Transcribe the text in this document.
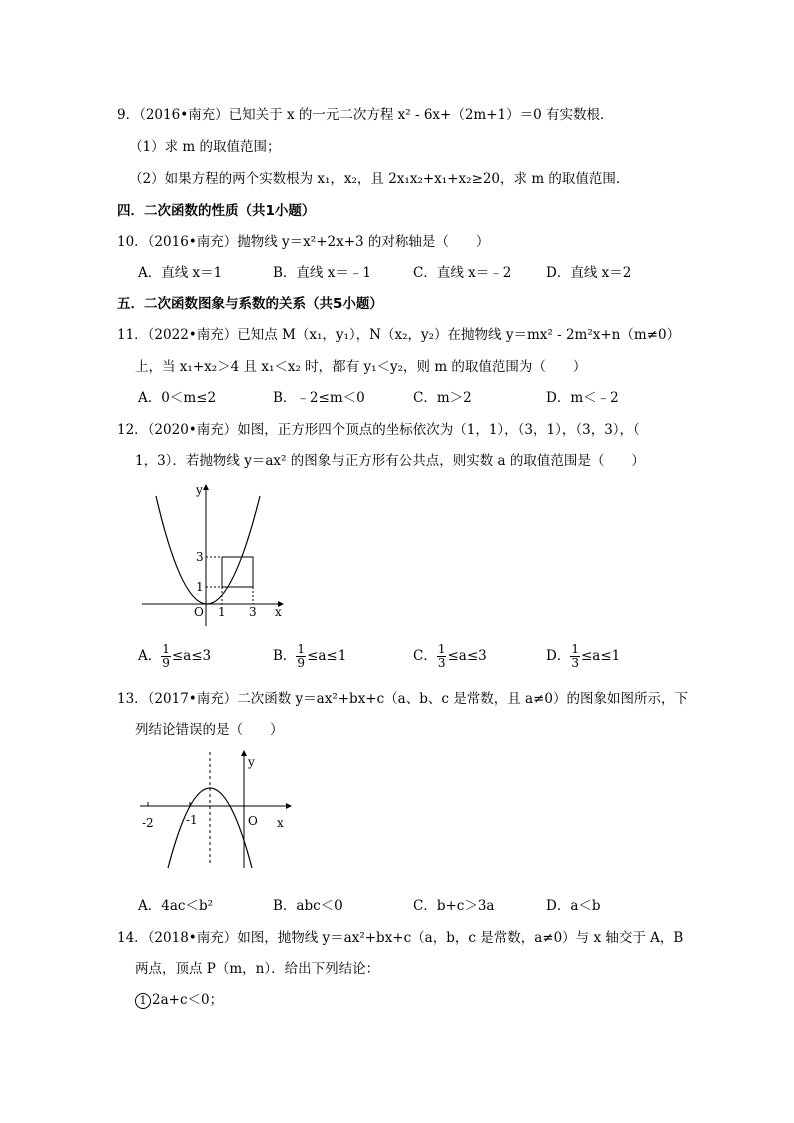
9．（2016•南充）已知关于 x 的一元二次方程 x² - 6x+（2m+1）＝0 有实数根．
（1）求 m 的取值范围；
（2）如果方程的两个实数根为 x₁，x₂，且 2x₁x₂+x₁+x₂≥20，求 m 的取值范围．
四．二次函数的性质（共1小题）
10．（2016•南充）抛物线 y＝x²+2x+3 的对称轴是（　　）
A．直线 x＝1	B．直线 x＝﹣1	C．直线 x＝﹣2	D．直线 x＝2
五．二次函数图象与系数的关系（共5小题）
11．（2022•南充）已知点 M（x₁，y₁），N（x₂，y₂）在抛物线 y＝mx² - 2m²x+n（m≠0）
上，当 x₁+x₂＞4 且 x₁＜x₂ 时，都有 y₁＜y₂，则 m 的取值范围为（　　）
A．0＜m≤2	B．﹣2≤m＜0	C．m＞2	D．m＜﹣2
12．（2020•南充）如图，正方形四个顶点的坐标依次为（1，1），（3，1），（3，3），（
1，3）．若抛物线 y＝ax² 的图象与正方形有公共点，则实数 a 的取值范围是（　　）
y
x
O 1 3
3
1
A． $\frac{1}{9} \le a\le 3$	B． $\frac{1}{9} \le a\le 1$	C． $\frac{1}{3} \le a\le 3$	D． $\frac{1}{3} \le a\le 1$
13．（2017•南充）二次函数 y＝ax²+bx+c（a、b、c 是常数，且 a≠0）的图象如图所示，下
列结论错误的是（　　）
-2	-1	O x
y
A．4ac＜b²	B．abc＜0	C．b+c＞3a	D．a＜b
14．（2018•南充）如图，抛物线 y＝ax²+bx+c（a，b，c 是常数，a≠0）与 x 轴交于 A，B
两点，顶点 P（m，n）．给出下列结论：
1 2a+c＜0；
